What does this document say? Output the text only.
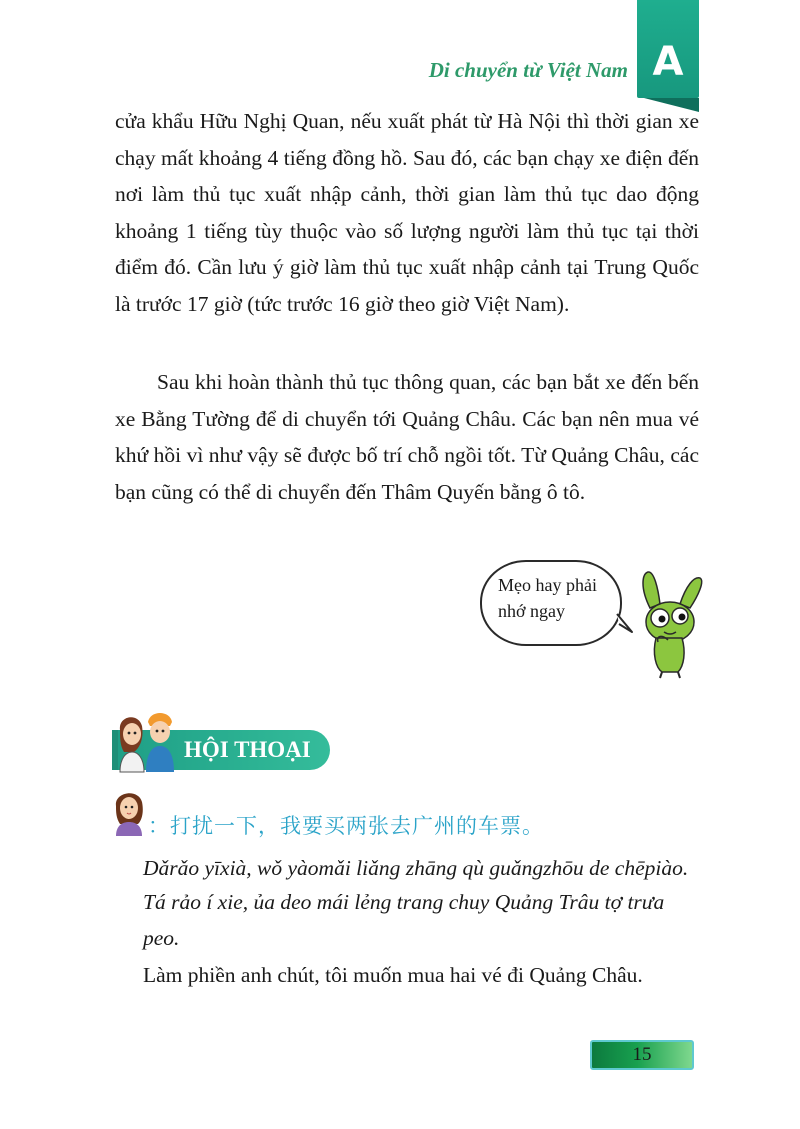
Di chuyển từ Việt Nam A

cửa khẩu Hữu Nghị Quan, nếu xuất phát từ Hà Nội thì thời gian xe chạy mất khoảng 4 tiếng đồng hồ. Sau đó, các bạn chạy xe điện đến nơi làm thủ tục xuất nhập cảnh, thời gian làm thủ tục dao động khoảng 1 tiếng tùy thuộc vào số lượng người làm thủ tục tại thời điểm đó. Cần lưu ý giờ làm thủ tục xuất nhập cảnh tại Trung Quốc là trước 17 giờ (tức trước 16 giờ theo giờ Việt Nam).

Sau khi hoàn thành thủ tục thông quan, các bạn bắt xe đến bến xe Bằng Tường để di chuyển tới Quảng Châu. Các bạn nên mua vé khứ hồi vì như vậy sẽ được bố trí chỗ ngồi tốt. Từ Quảng Châu, các bạn cũng có thể di chuyển đến Thâm Quyến bằng ô tô.

Mẹo hay phải
nhớ ngay
HỘI THOẠI
：打扰一下，我要买两张去广州的车票。

Dǎrǎo yīxià, wǒ yàomǎi liǎng zhāng qù guǎngzhōu de chēpiào.

Tá rảo í xie, ủa deo mái lẻng trang chuy Quảng Trâu tợ trưa peo.

Làm phiền anh chút, tôi muốn mua hai vé đi Quảng Châu.

15
